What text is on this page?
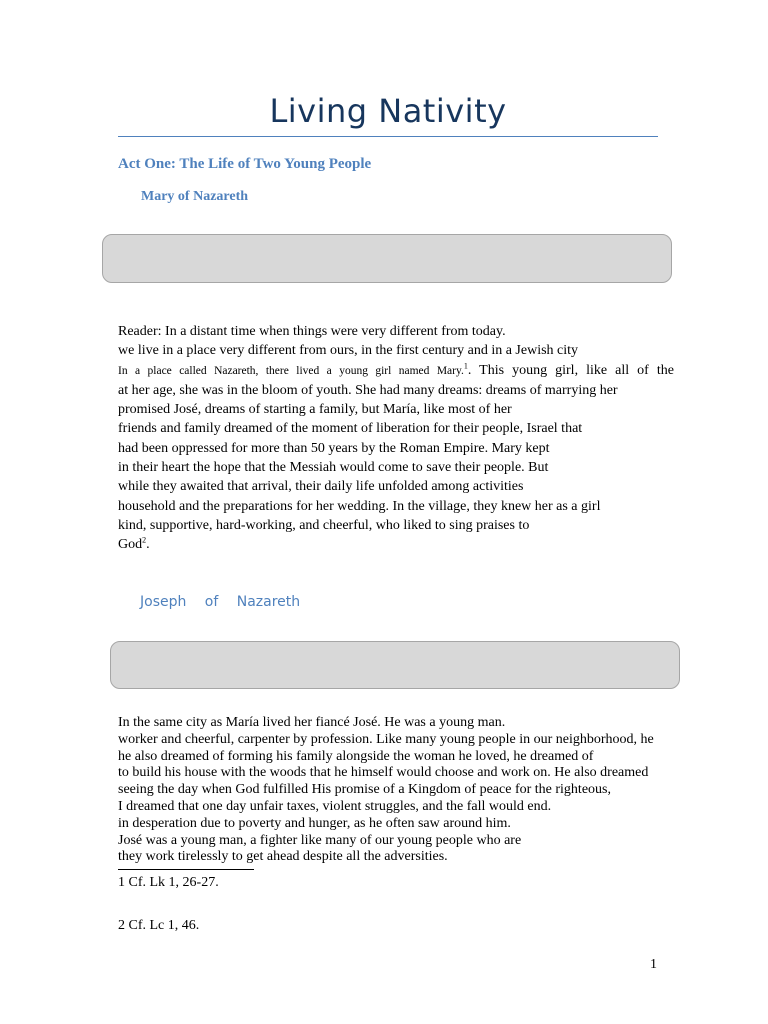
Living Nativity
Act One: The Life of Two Young People
Mary of Nazareth
Reader: In a distant time when things were very different from today.
we live in a place very different from ours, in the first century and in a Jewish city
In a place called Nazareth, there lived a young girl named Mary.$^1$. This young girl, like all of the
at her age, she was in the bloom of youth. She had many dreams: dreams of marrying her
promised José, dreams of starting a family, but María, like most of her
friends and family dreamed of the moment of liberation for their people, Israel that
had been oppressed for more than 50 years by the Roman Empire. Mary kept
in their heart the hope that the Messiah would come to save their people. But
while they awaited that arrival, their daily life unfolded among activities
household and the preparations for her wedding. In the village, they knew her as a girl
kind, supportive, hard-working, and cheerful, who liked to sing praises to
God$^2$.
Joseph of Nazareth
In the same city as María lived her fiancé José. He was a young man.
worker and cheerful, carpenter by profession. Like many young people in our neighborhood, he
he also dreamed of forming his family alongside the woman he loved, he dreamed of
to build his house with the woods that he himself would choose and work on. He also dreamed
seeing the day when God fulfilled His promise of a Kingdom of peace for the righteous,
I dreamed that one day unfair taxes, violent struggles, and the fall would end.
in desperation due to poverty and hunger, as he often saw around him.
José was a young man, a fighter like many of our young people who are
they work tirelessly to get ahead despite all the adversities.
1 Cf. Lk 1, 26-27.
2 Cf. Lc 1, 46.
1
